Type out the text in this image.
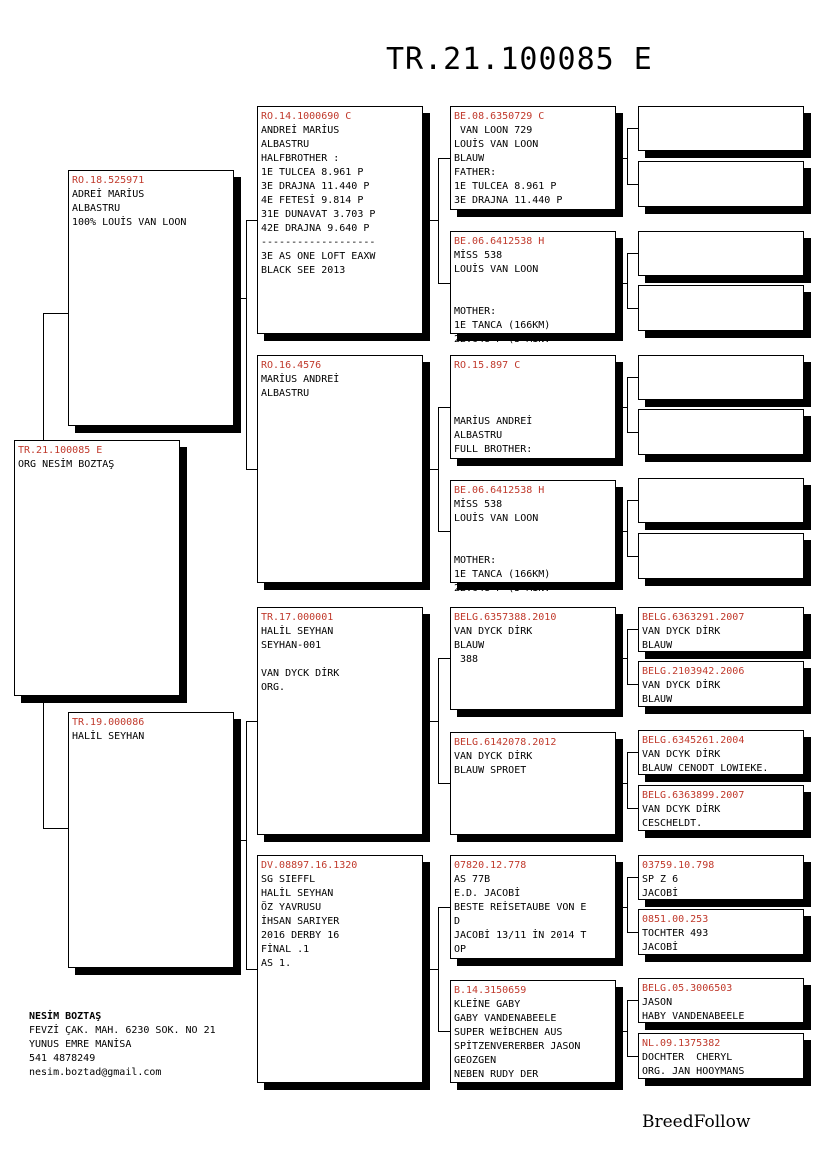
TR.21.100085 E
TR.21.100085 E
ORG NESİM BOZTAŞ
RO.18.525971
ADREİ MARİUS
ALBASTRU
100% LOUİS VAN LOON
TR.19.000086
HALİL SEYHAN
RO.14.1000690 C
ANDREİ MARİUS
ALBASTRU
HALFBROTHER :
1E TULCEA 8.961 P
3E DRAJNA 11.440 P
4E FETESİ 9.814 P
31E DUNAVAT 3.703 P
42E DRAJNA 9.640 P
-------------------
3E AS ONE LOFT EAXW
BLACK SEE 2013
RO.16.4576
MARİUS ANDREİ
ALBASTRU
TR.17.000001
HALİL SEYHAN
SEYHAN-001

VAN DYCK DİRK
ORG.
DV.08897.16.1320
SG SIEFFL
HALİL SEYHAN
ÖZ YAVRUSU
İHSAN SARIYER
2016 DERBY 16
FİNAL .1
AS 1.
BE.08.6350729 C
VAN LOON 729
LOUİS VAN LOON
BLAUW
FATHER:
1E TULCEA 8.961 P
3E DRAJNA 11.440 P
BE.06.6412538 H
MİSS 538
LOUİS VAN LOON

MOTHER:
1E TANCA (166KM)
22.648 P (5 MİN.
RO.15.897 C

MARİUS ANDREİ
ALBASTRU
FULL BROTHER:
BE.06.6412538 H
MİSS 538
LOUİS VAN LOON

MOTHER:
1E TANCA (166KM)
22.648 P (5 MİN.
BELG.6357388.2010
VAN DYCK DİRK
BLAUW
388
BELG.6142078.2012
VAN DYCK DİRK
BLAUW SPROET
07820.12.778
AS 77B
E.D. JACOBİ
BESTE REİSETAUBE VON E
D
JACOBİ 13/11 İN 2014 T
OP
B.14.3150659
KLEİNE GABY
GABY VANDENABEELE
SUPER WEİBCHEN AUS
SPİTZENVERERBER JASON
GEOZGEN
NEBEN RUDY DER
BELG.6363291.2007
VAN DYCK DİRK
BLAUW
BELG.2103942.2006
VAN DYCK DİRK
BLAUW
BELG.6345261.2004
VAN DCYK DİRK
BLAUW CENODT LOWIEKE.
BELG.6363899.2007
VAN DCYK DİRK
CESCHELDT.
03759.10.798
SP Z 6
JACOBİ
0851.00.253
TOCHTER 493
JACOBİ
BELG.05.3006503
JASON
HABY VANDENABEELE
NL.09.1375382
DOCHTER  CHERYL
ORG. JAN HOOYMANS
NESİM BOZTAŞ
FEVZİ ÇAK. MAH. 6230 SOK. NO 21
YUNUS EMRE MANİSA
541 4878249
nesim.boztad@gmail.com
BreedFollow
